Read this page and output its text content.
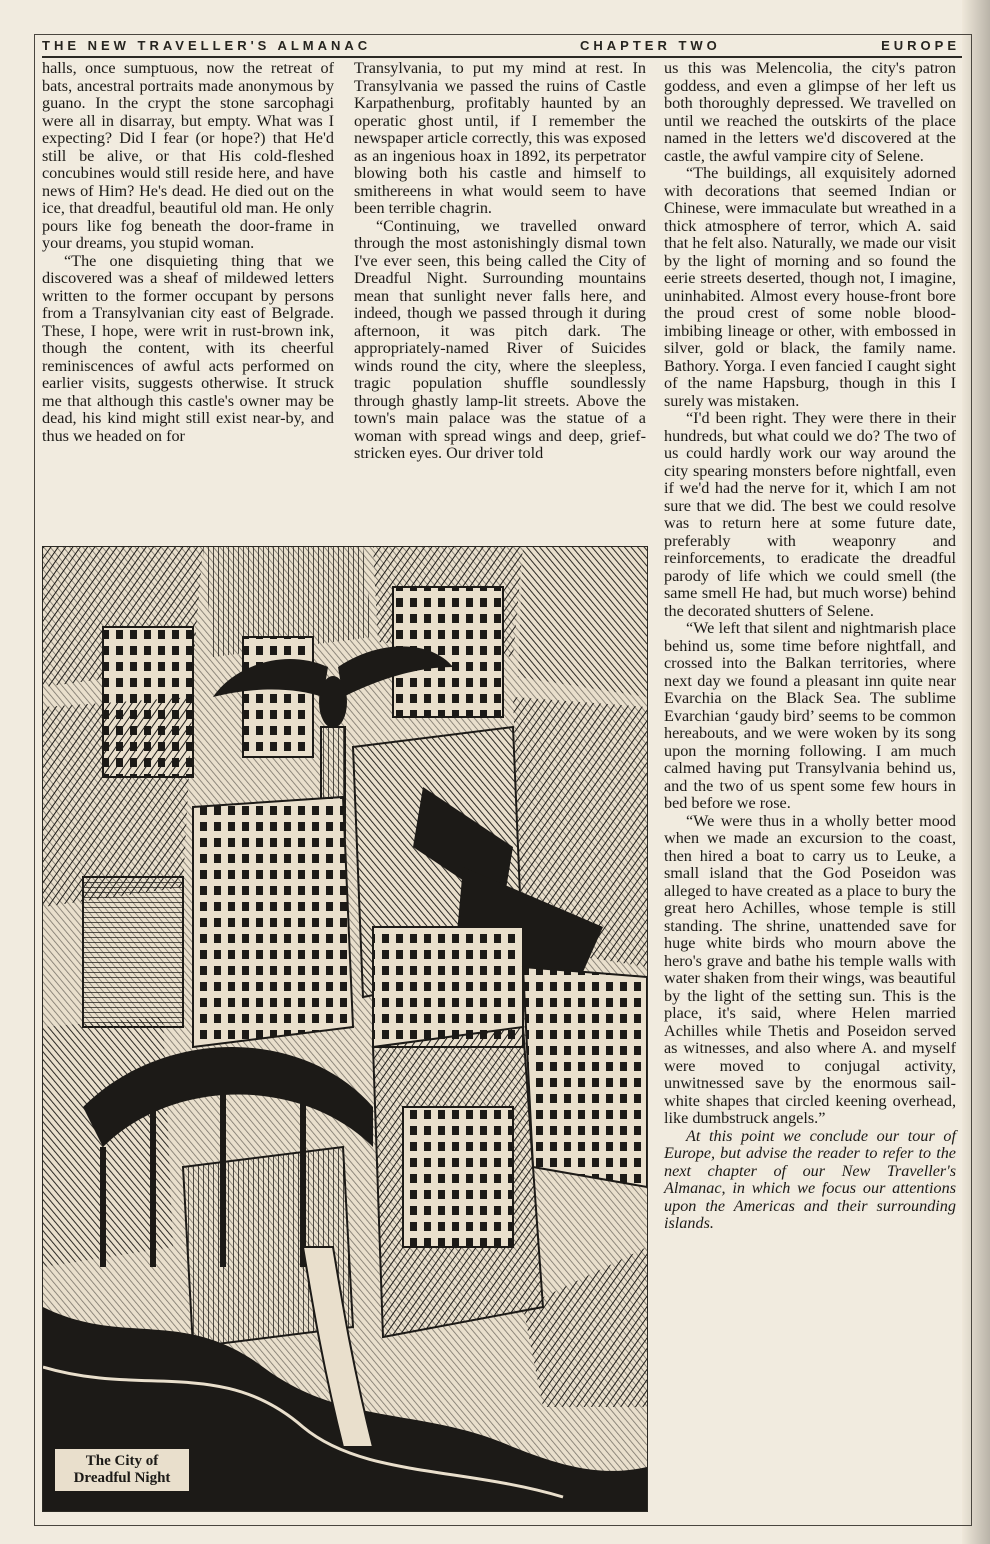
THE NEW TRAVELLER'S ALMANAC	CHAPTER TWO	EUROPE

halls, once sumptuous, now the retreat of bats, ancestral portraits made anonymous by guano. In the crypt the stone sarcophagi were all in disarray, but empty. What was I expecting? Did I fear (or hope?) that He'd still be alive, or that His cold-fleshed concubines would still reside here, and have news of Him? He's dead. He died out on the ice, that dreadful, beautiful old man. He only pours like fog beneath the door-frame in your dreams, you stupid woman.

“The one disquieting thing that we discovered was a sheaf of mildewed letters written to the former occupant by persons from a Transylvanian city east of Belgrade. These, I hope, were writ in rust-brown ink, though the content, with its cheerful reminiscences of awful acts performed on earlier visits, suggests otherwise. It struck me that although this castle's owner may be dead, his kind might still exist near-by, and thus we headed on for

Transylvania, to put my mind at rest. In Transylvania we passed the ruins of Castle Karpathenburg, profitably haunted by an operatic ghost until, if I remember the newspaper article correctly, this was exposed as an ingenious hoax in 1892, its perpetrator blowing both his castle and himself to smithereens in what would seem to have been terrible chagrin.

“Continuing, we travelled onward through the most astonishingly dismal town I've ever seen, this being called the City of Dreadful Night. Surrounding mountains mean that sunlight never falls here, and indeed, though we passed through it during afternoon, it was pitch dark. The appropriately-named River of Suicides winds round the city, where the sleepless, tragic population shuffle soundlessly through ghastly lamp-lit streets. Above the town's main palace was the statue of a woman with spread wings and deep, grief-stricken eyes. Our driver told

us this was Melencolia, the city's patron goddess, and even a glimpse of her left us both thoroughly depressed. We travelled on until we reached the outskirts of the place named in the letters we'd discovered at the castle, the awful vampire city of Selene.

“The buildings, all exquisitely adorned with decorations that seemed Indian or Chinese, were immaculate but wreathed in a thick atmosphere of terror, which A. said that he felt also. Naturally, we made our visit by the light of morning and so found the eerie streets deserted, though not, I imagine, uninhabited. Almost every house-front bore the proud crest of some noble blood-imbibing lineage or other, with embossed in silver, gold or black, the family name. Bathory. Yorga. I even fancied I caught sight of the name Hapsburg, though in this I surely was mistaken.

“I'd been right. They were there in their hundreds, but what could we do? The two of us could hardly work our way around the city spearing monsters before nightfall, even if we'd had the nerve for it, which I am not sure that we did. The best we could resolve was to return here at some future date, preferably with weaponry and reinforcements, to eradicate the dreadful parody of life which we could smell (the same smell He had, but much worse) behind the decorated shutters of Selene.

“We left that silent and nightmarish place behind us, some time before nightfall, and crossed into the Balkan territories, where next day we found a pleasant inn quite near Evarchia on the Black Sea. The sublime Evarchian ‘gaudy bird’ seems to be common hereabouts, and we were woken by its song upon the morning following. I am much calmed having put Transylvania behind us, and the two of us spent some few hours in bed before we rose.

“We were thus in a wholly better mood when we made an excursion to the coast, then hired a boat to carry us to Leuke, a small island that the God Poseidon was alleged to have created as a place to bury the great hero Achilles, whose temple is still standing. The shrine, unattended save for huge white birds who mourn above the hero's grave and bathe his temple walls with water shaken from their wings, was beautiful by the light of the setting sun. This is the place, it's said, where Helen married Achilles while Thetis and Poseidon served as witnesses, and also where A. and myself were moved to conjugal activity, unwitnessed save by the enormous sail-white shapes that circled keening overhead, like dumbstruck angels.”

At this point we conclude our tour of Europe, but advise the reader to refer to the next chapter of our New Traveller's Almanac, in which we focus our attentions upon the Americas and their surrounding islands.

The City of
Dreadful Night
